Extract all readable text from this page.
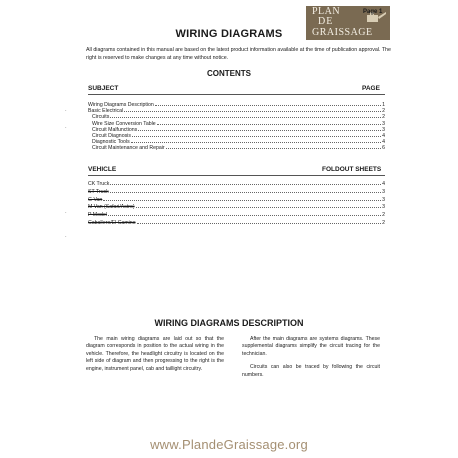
PLAN
DE
GRAISSAGE
Page 1
WIRING DIAGRAMS
All diagrams contained in this manual are based on the latest product information available at the time of publication approval. The right is reserved to make changes at any time without notice.
CONTENTS
SUBJECT	PAGE
Wiring Diagrams Description	1
Basic Electrical	2
Circuits	2
Wire Size Conversion Table	3
Circuit Malfunctions	3
Circuit Diagnosis	4
Diagnostic Tools	4
Circuit Maintenance and Repair	6
VEHICLE	FOLDOUT SHEETS
CK Truck	4
ST Truck	3
G Van	3
M Van (Safari/Astro)	3
P Model	2
Caballero/El Camino	2
·
·
·
·
WIRING DIAGRAMS DESCRIPTION

The main wiring diagrams are laid out so that the diagram corresponds in position to the actual wiring in the vehicle. Therefore, the headlight circuitry is located on the left side of diagram and then progressing to the right is the engine, instrument panel, cab and taillight circuitry.

After the main diagrams are systems diagrams. These supplemental diagrams simplify the circuit tracing for the technician.

Circuits can also be traced by following the circuit numbers.

www.PlandeGraissage.org
